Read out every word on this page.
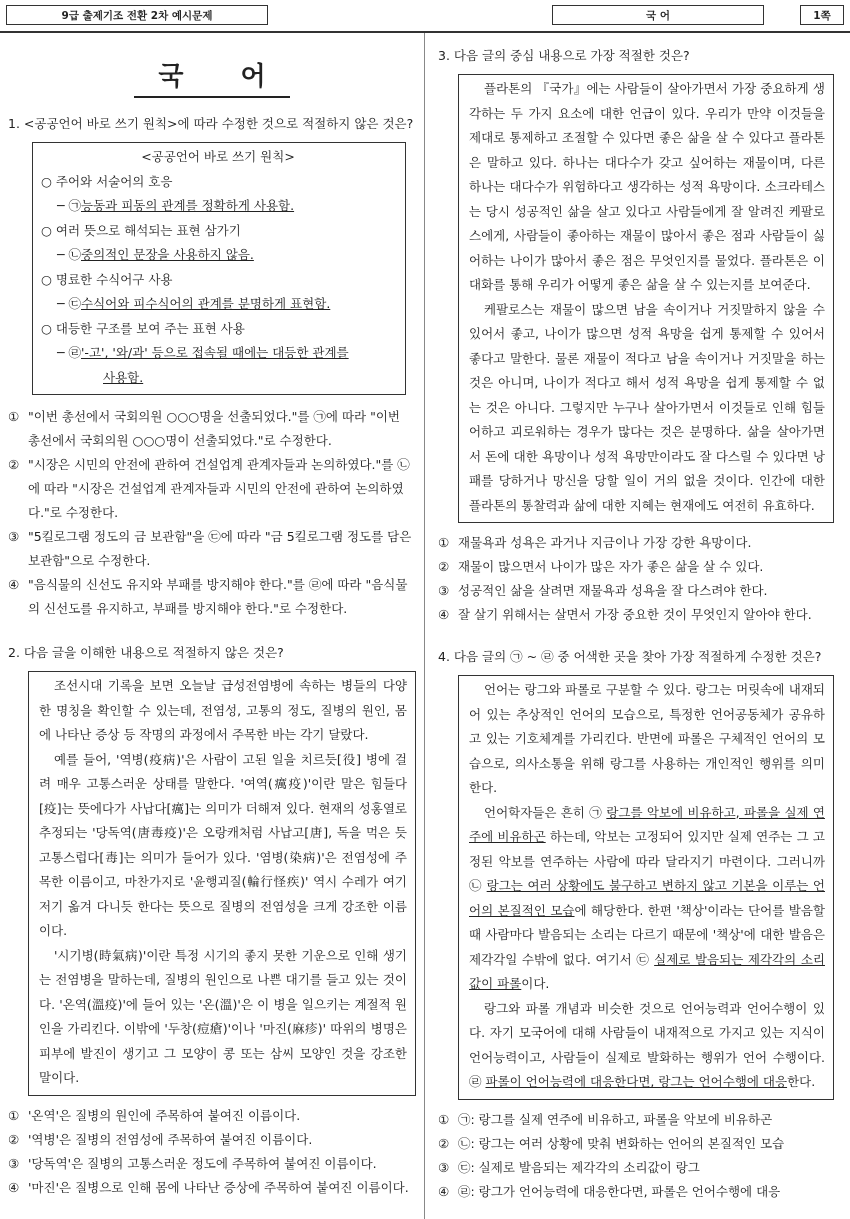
9급 출제기조 전환 2차 예시문제	국 어	1쪽
국 어

1. <공공언어 바로 쓰기 원칙>에 따라 수정한 것으로 적절하지 않은 것은?

<공공언어 바로 쓰기 원칙>

○ 주어와 서술어의 호응

─ ㉠능동과 피동의 관계를 정확하게 사용함.

○ 여러 뜻으로 해석되는 표현 삼가기

─ ㉡중의적인 문장을 사용하지 않음.

○ 명료한 수식어구 사용

─ ㉢수식어와 피수식어의 관계를 분명하게 표현함.

○ 대등한 구조를 보여 주는 표현 사용

─ ㉣'-고', '와/과' 등으로 접속될 때에는 대등한 관계를

사용함.

① "이번 총선에서 국회의원 ○○○명을 선출되었다."를 ㉠에 따라 "이번 총선에서 국회의원 ○○○명이 선출되었다."로 수정한다.
② "시장은 시민의 안전에 관하여 건설업계 관계자들과 논의하였다."를 ㉡에 따라 "시장은 건설업계 관계자들과 시민의 안전에 관하여 논의하였다."로 수정한다.
③ "5킬로그램 정도의 금 보관함"을 ㉢에 따라 "금 5킬로그램 정도를 담은 보관함"으로 수정한다.
④ "음식물의 신선도 유지와 부패를 방지해야 한다."를 ㉣에 따라 "음식물의 신선도를 유지하고, 부패를 방지해야 한다."로 수정한다.

2. 다음 글을 이해한 내용으로 적절하지 않은 것은?

조선시대 기록을 보면 오늘날 급성전염병에 속하는 병들의 다양한 명칭을 확인할 수 있는데, 전염성, 고통의 정도, 질병의 원인, 몸에 나타난 증상 등 작명의 과정에서 주목한 바는 각기 달랐다.

예를 들어, '역병(疫病)'은 사람이 고된 일을 치르듯[役] 병에 걸려 매우 고통스러운 상태를 말한다. '여역(癘疫)'이란 말은 힘들다[疫]는 뜻에다가 사납다[癘]는 의미가 더해져 있다. 현재의 성홍열로 추정되는 '당독역(唐毒疫)'은 오랑캐처럼 사납고[唐], 독을 먹은 듯 고통스럽다[毒]는 의미가 들어가 있다. '염병(染病)'은 전염성에 주목한 이름이고, 마찬가지로 '윤행괴질(輪行怪疾)' 역시 수레가 여기저기 옮겨 다니듯 한다는 뜻으로 질병의 전염성을 크게 강조한 이름이다.

'시기병(時氣病)'이란 특정 시기의 좋지 못한 기운으로 인해 생기는 전염병을 말하는데, 질병의 원인으로 나쁜 대기를 들고 있는 것이다. '온역(溫疫)'에 들어 있는 '온(溫)'은 이 병을 일으키는 계절적 원인을 가리킨다. 이밖에 '두창(痘瘡)'이나 '마진(麻疹)' 따위의 병명은 피부에 발진이 생기고 그 모양이 콩 또는 삼씨 모양인 것을 강조한 말이다.

① '온역'은 질병의 원인에 주목하여 붙여진 이름이다.
② '역병'은 질병의 전염성에 주목하여 붙여진 이름이다.
③ '당독역'은 질병의 고통스러운 정도에 주목하여 붙여진 이름이다.
④ '마진'은 질병으로 인해 몸에 나타난 증상에 주목하여 붙여진 이름이다.

3. 다음 글의 중심 내용으로 가장 적절한 것은?

플라톤의 『국가』에는 사람들이 살아가면서 가장 중요하게 생각하는 두 가지 요소에 대한 언급이 있다. 우리가 만약 이것들을 제대로 통제하고 조절할 수 있다면 좋은 삶을 살 수 있다고 플라톤은 말하고 있다. 하나는 대다수가 갖고 싶어하는 재물이며, 다른 하나는 대다수가 위험하다고 생각하는 성적 욕망이다. 소크라테스는 당시 성공적인 삶을 살고 있다고 사람들에게 잘 알려진 케팔로스에게, 사람들이 좋아하는 재물이 많아서 좋은 점과 사람들이 싫어하는 나이가 많아서 좋은 점은 무엇인지를 물었다. 플라톤은 이 대화를 통해 우리가 어떻게 좋은 삶을 살 수 있는지를 보여준다.

케팔로스는 재물이 많으면 남을 속이거나 거짓말하지 않을 수 있어서 좋고, 나이가 많으면 성적 욕망을 쉽게 통제할 수 있어서 좋다고 말한다. 물론 재물이 적다고 남을 속이거나 거짓말을 하는 것은 아니며, 나이가 적다고 해서 성적 욕망을 쉽게 통제할 수 없는 것은 아니다. 그렇지만 누구나 살아가면서 이것들로 인해 힘들어하고 괴로워하는 경우가 많다는 것은 분명하다. 삶을 살아가면서 돈에 대한 욕망이나 성적 욕망만이라도 잘 다스릴 수 있다면 낭패를 당하거나 망신을 당할 일이 거의 없을 것이다. 인간에 대한 플라톤의 통찰력과 삶에 대한 지혜는 현재에도 여전히 유효하다.

① 재물욕과 성욕은 과거나 지금이나 가장 강한 욕망이다.
② 재물이 많으면서 나이가 많은 자가 좋은 삶을 살 수 있다.
③ 성공적인 삶을 살려면 재물욕과 성욕을 잘 다스려야 한다.
④ 잘 살기 위해서는 살면서 가장 중요한 것이 무엇인지 알아야 한다.

4. 다음 글의 ㉠ ~ ㉣ 중 어색한 곳을 찾아 가장 적절하게 수정한 것은?

언어는 랑그와 파롤로 구분할 수 있다. 랑그는 머릿속에 내재되어 있는 추상적인 언어의 모습으로, 특정한 언어공동체가 공유하고 있는 기호체계를 가리킨다. 반면에 파롤은 구체적인 언어의 모습으로, 의사소통을 위해 랑그를 사용하는 개인적인 행위를 의미한다.

언어학자들은 흔히 ㉠ 랑그를 악보에 비유하고, 파롤을 실제 연주에 비유하곤 하는데, 악보는 고정되어 있지만 실제 연주는 그 고정된 악보를 연주하는 사람에 따라 달라지기 마련이다. 그러니까 ㉡ 랑그는 여러 상황에도 불구하고 변하지 않고 기본을 이루는 언어의 본질적인 모습에 해당한다. 한편 '책상'이라는 단어를 발음할 때 사람마다 발음되는 소리는 다르기 때문에 '책상'에 대한 발음은 제각각일 수밖에 없다. 여기서 ㉢ 실제로 발음되는 제각각의 소리값이 파롤이다.

랑그와 파롤 개념과 비슷한 것으로 언어능력과 언어수행이 있다. 자기 모국어에 대해 사람들이 내재적으로 가지고 있는 지식이 언어능력이고, 사람들이 실제로 발화하는 행위가 언어 수행이다. ㉣ 파롤이 언어능력에 대응한다면, 랑그는 언어수행에 대응한다.

① ㉠: 랑그를 실제 연주에 비유하고, 파롤을 악보에 비유하곤
② ㉡: 랑그는 여러 상황에 맞춰 변화하는 언어의 본질적인 모습
③ ㉢: 실제로 발음되는 제각각의 소리값이 랑그
④ ㉣: 랑그가 언어능력에 대응한다면, 파롤은 언어수행에 대응
